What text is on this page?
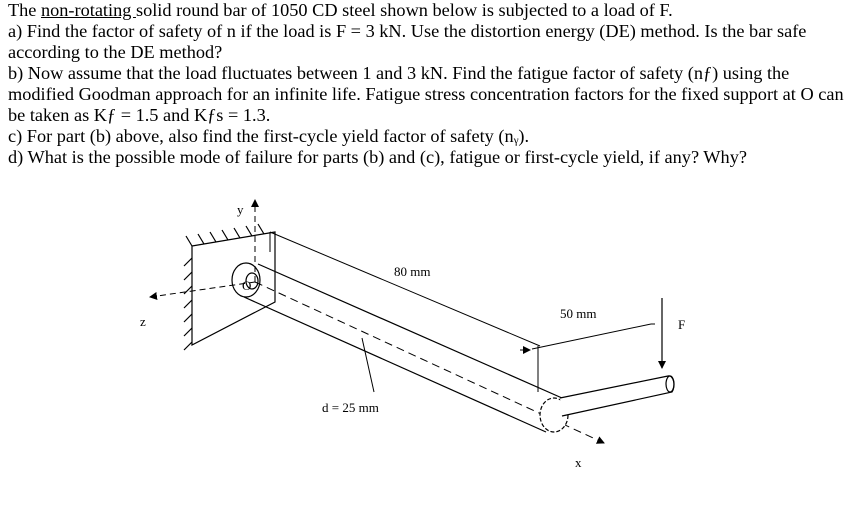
The non-rotating solid round bar of 1050 CD steel shown below is subjected to a load of F.

a) Find the factor of safety of n if the load is F = 3 kN. Use the distortion energy (DE) method. Is the bar safe according to the DE method?

b) Now assume that the load fluctuates between 1 and 3 kN. Find the fatigue factor of safety (nƒ) using the modified Goodman approach for an infinite life. Fatigue stress concentration factors for the fixed support at O can be taken as Kƒ = 1.5 and Kƒs = 1.3.

c) For part (b) above, also find the first-cycle yield factor of safety (nᵧ).

d) What is the possible mode of failure for parts (b) and (c), fatigue or first-cycle yield, if any? Why?

80 mm
50 mm
F
d = 25 mm
y
z
x
O
